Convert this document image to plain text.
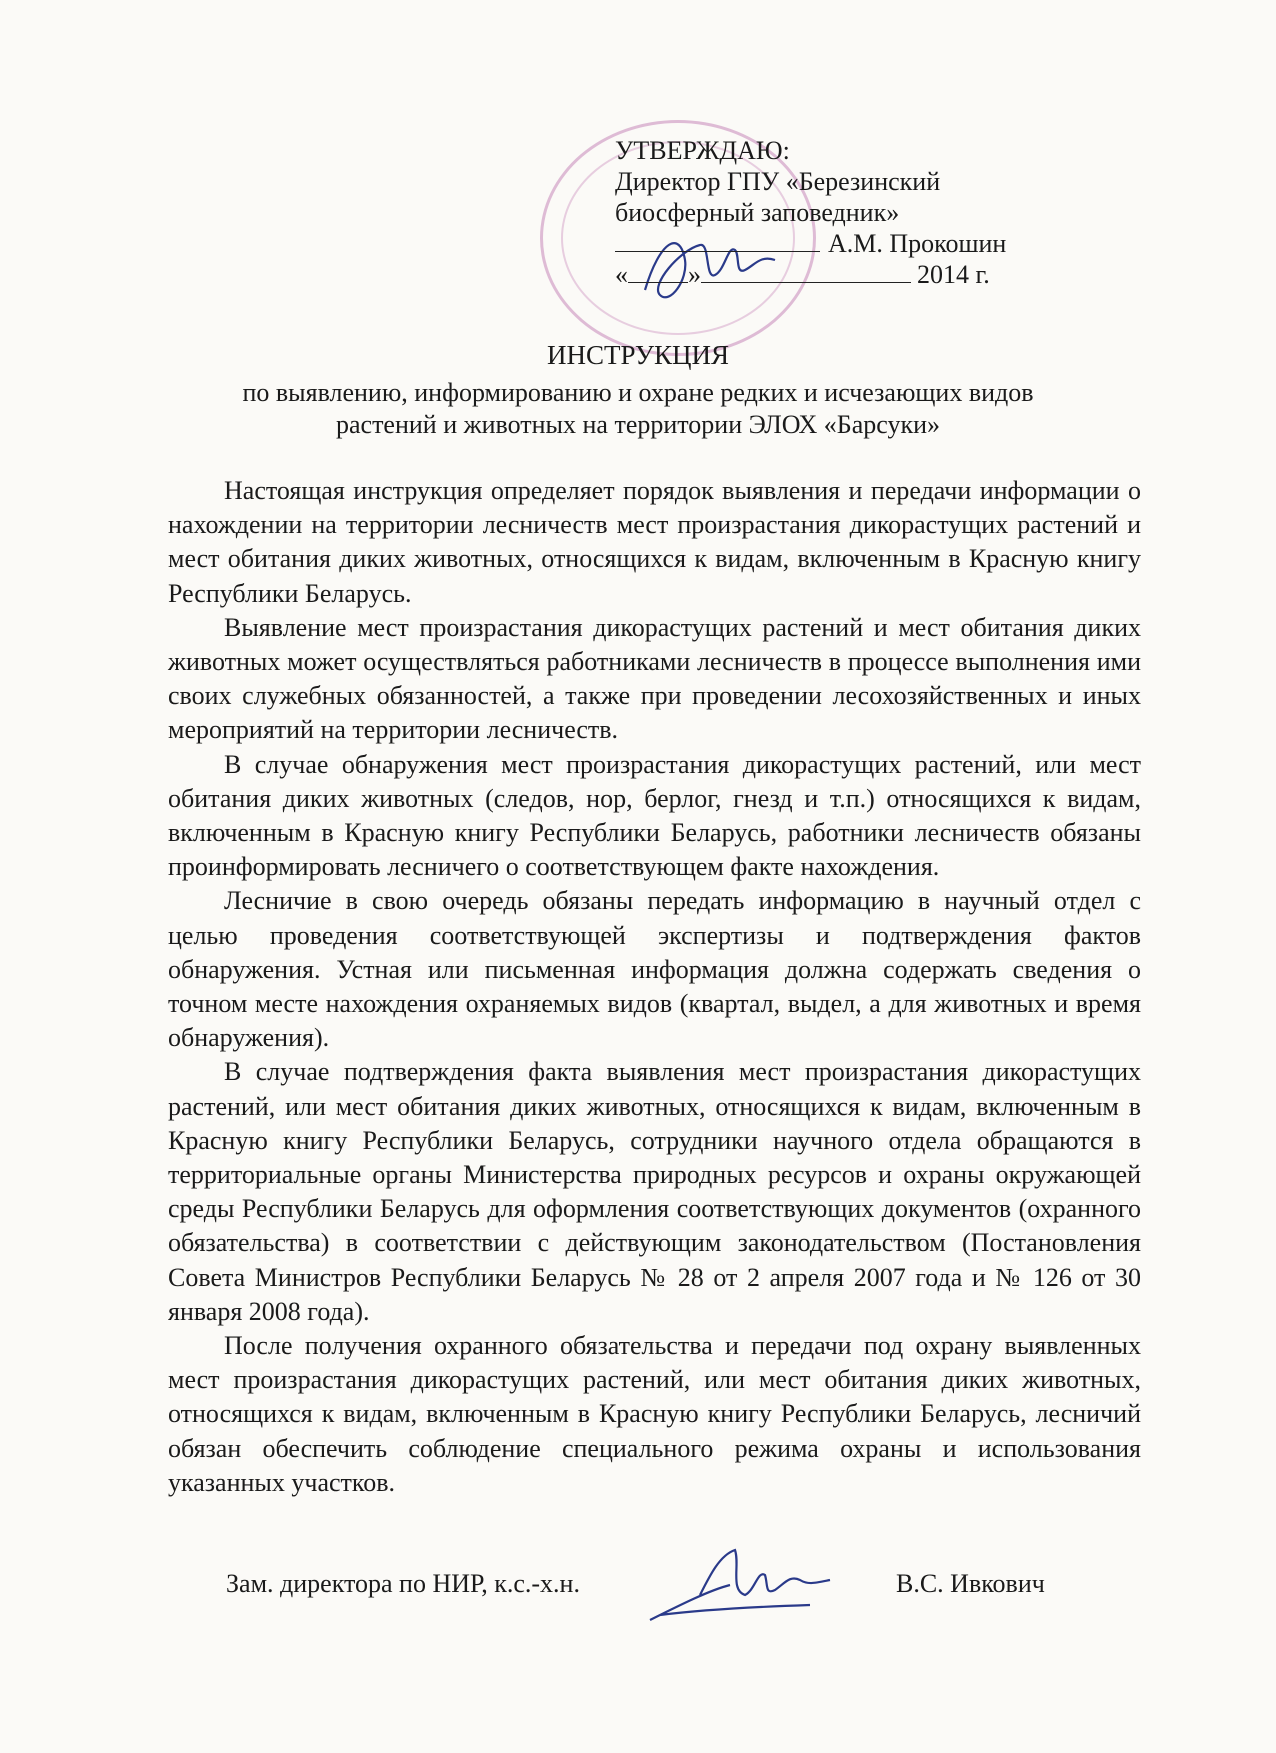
УТВЕРЖДАЮ:
Директор ГПУ «Березинский
биосферный заповедник»
А.М. Прокошин
« »	2014 г.
ИНСТРУКЦИЯ
по выявлению, информированию и охране редких и исчезающих видов
растений и животных на территории ЭЛОХ «Барсуки»

Настоящая инструкция определяет порядок выявления и передачи информации о нахождении на территории лесничеств мест произрастания дикорастущих растений и мест обитания диких животных, относящихся к видам, включенным в Красную книгу Республики Беларусь.

Выявление мест произрастания дикорастущих растений и мест обитания диких животных может осуществляться работниками лесничеств в процессе выполнения ими своих служебных обязанностей, а также при проведении лесохозяйственных и иных мероприятий на территории лесничеств.

В случае обнаружения мест произрастания дикорастущих растений, или мест обитания диких животных (следов, нор, берлог, гнезд и т.п.) относящихся к видам, включенным в Красную книгу Республики Беларусь, работники лесничеств обязаны проинформировать лесничего о соответствующем факте нахождения.

Лесничие в свою очередь обязаны передать информацию в научный отдел с целью проведения соответствующей экспертизы и подтверждения фактов обнаружения. Устная или письменная информация должна содержать сведения о точном месте нахождения охраняемых видов (квартал, выдел, а для животных и время обнаружения).

В случае подтверждения факта выявления мест произрастания дикорастущих растений, или мест обитания диких животных, относящихся к видам, включенным в Красную книгу Республики Беларусь, сотрудники научного отдела обращаются в территориальные органы Министерства природных ресурсов и охраны окружающей среды Республики Беларусь для оформления соответствующих документов (охранного обязательства) в соответствии с действующим законодательством (Постановления Совета Министров Республики Беларусь № 28 от 2 апреля 2007 года и № 126 от 30 января 2008 года).

После получения охранного обязательства и передачи под охрану выявленных мест произрастания дикорастущих растений, или мест обитания диких животных, относящихся к видам, включенным в Красную книгу Республики Беларусь, лесничий обязан обеспечить соблюдение специального режима охраны и использования указанных участков.

Зам. директора по НИР, к.с.-х.н.	В.С. Ивкович
